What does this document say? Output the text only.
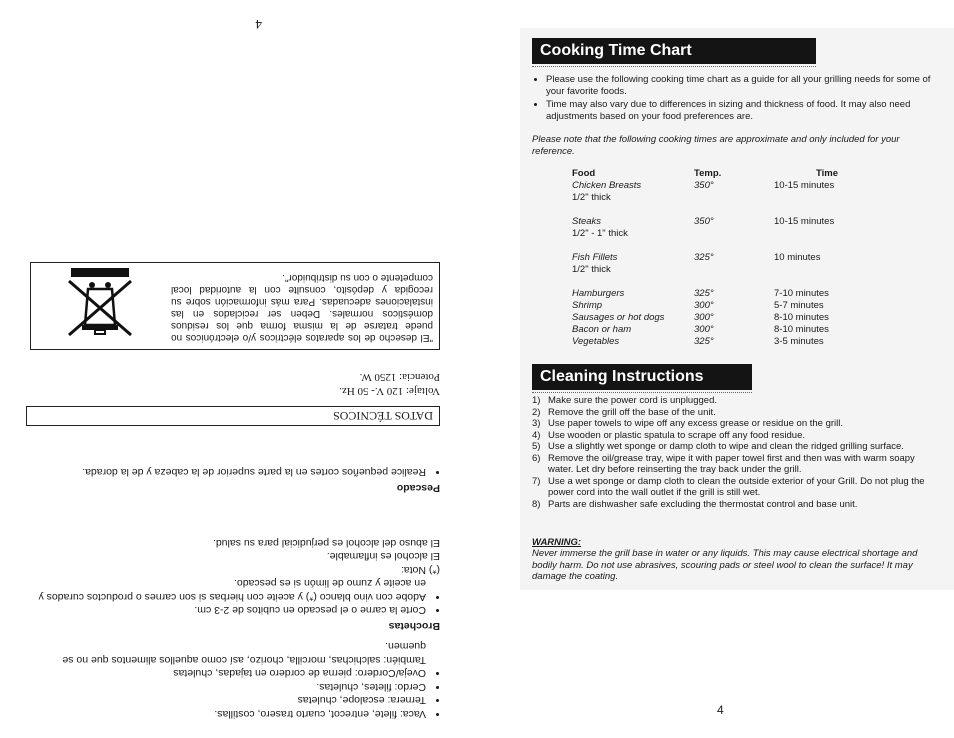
4
• Vaca: filete, entrecot, cuarto trasero, costillas.
• Ternera: escalope, chuletas
• Cerdo: filetes, chuletas.
• Oveja/Cordero: pierna de cordero en tajadas, chuletas

También: salchichas, morcilla, chorizo, así como aquellos alimentos que no se quemen.

Brochetas
• Corte la carne o el pescado en cubitos de 2-3 cm.
• Adobe con vino blanco (*) y aceite con hierbas si son carnes o productos curados y en aceite y zumo de limón si es pescado.

(*) Nota:

El alcohol es inflamable.

El abuso del alcohol es perjudicial para su salud.

Pescado
• Realice pequeños cortes en la parte superior de la cabeza y de la dorada.
DATOS TÉCNICOS
Voltaje: 120 V.- 50 Hz.
Potencia: 1250 W.
"El desecho de los aparatos eléctricos y/o electrónicos no puede tratarse de la misma forma que los residuos domésticos normales. Deben ser reciclados en las instalaciones adecuadas. Para más información sobre su recogida y depósito, consulte con la autoridad local competente o con su distribuidor".
Cooking Time Chart
• Please use the following cooking time chart as a guide for all your grilling needs for some of your favorite foods.
• Time may also vary due to differences in sizing and thickness of food. It may also need adjustments based on your food preferences are.
Please note that the following cooking times are approximate and only included for your reference.
Food	Temp.	Time
Chicken Breasts	350°	10-15 minutes
1/2" thick
Steaks	350°	10-15 minutes
1/2" - 1" thick
Fish Fillets	325°	10 minutes
1/2" thick
Hamburgers	325°	7-10 minutes
Shrimp	300°	5-7 minutes
Sausages or hot dogs	300°	8-10 minutes
Bacon or ham	300°	8-10 minutes
Vegetables	325°	3-5 minutes
Cleaning Instructions
1) Make sure the power cord is unplugged.
2) Remove the grill off the base of the unit.
3) Use paper towels to wipe off any excess grease or residue on the grill.
4) Use wooden or plastic spatula to scrape off any food residue.
5) Use a slightly wet sponge or damp cloth to wipe and clean the ridged grilling surface.
6) Remove the oil/grease tray, wipe it with paper towel first and then was with warm soapy water. Let dry before reinserting the tray back under the grill.
7) Use a wet sponge or damp cloth to clean the outside exterior of your Grill. Do not plug the power cord into the wall outlet if the grill is still wet.
8) Parts are dishwasher safe excluding the thermostat control and base unit.
WARNING:
Never immerse the grill base in water or any liquids. This may cause electrical shortage and bodily harm. Do not use abrasives, scouring pads or steel wool to clean the surface! It may damage the coating.
4
